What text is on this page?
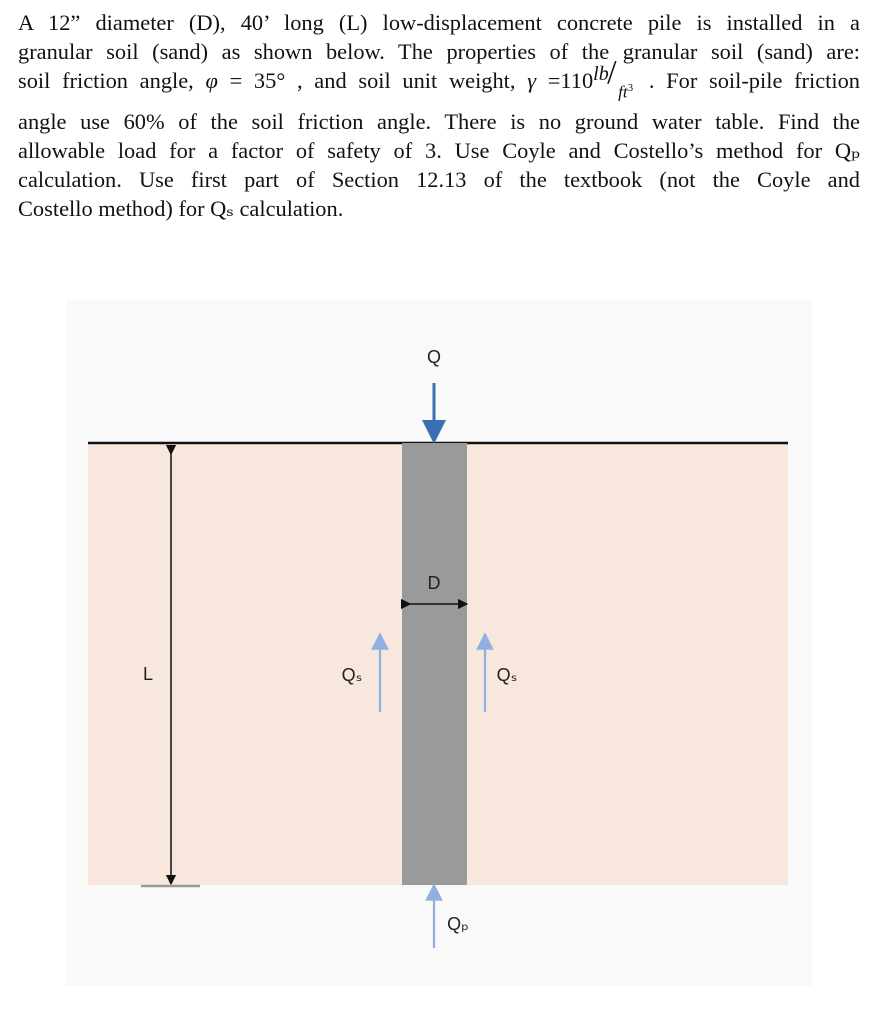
A 12” diameter (D), 40’ long (L) low-displacement concrete pile is installed in a
granular soil (sand) as shown below. The properties of the granular soil (sand) are:
soil friction angle, φ = 35° , and soil unit weight, γ =110 lb
/
$ft^3$ . For soil-pile friction
angle use 60% of the soil friction angle. There is no ground water table. Find the
allowable load for a factor of safety of 3. Use Coyle and Costello’s method for Qₚ
calculation. Use first part of Section 12.13 of the textbook (not the Coyle and
Costello method) for Qₛ calculation.
Q
D
L	Qₛ	Qₛ
Qₚ
